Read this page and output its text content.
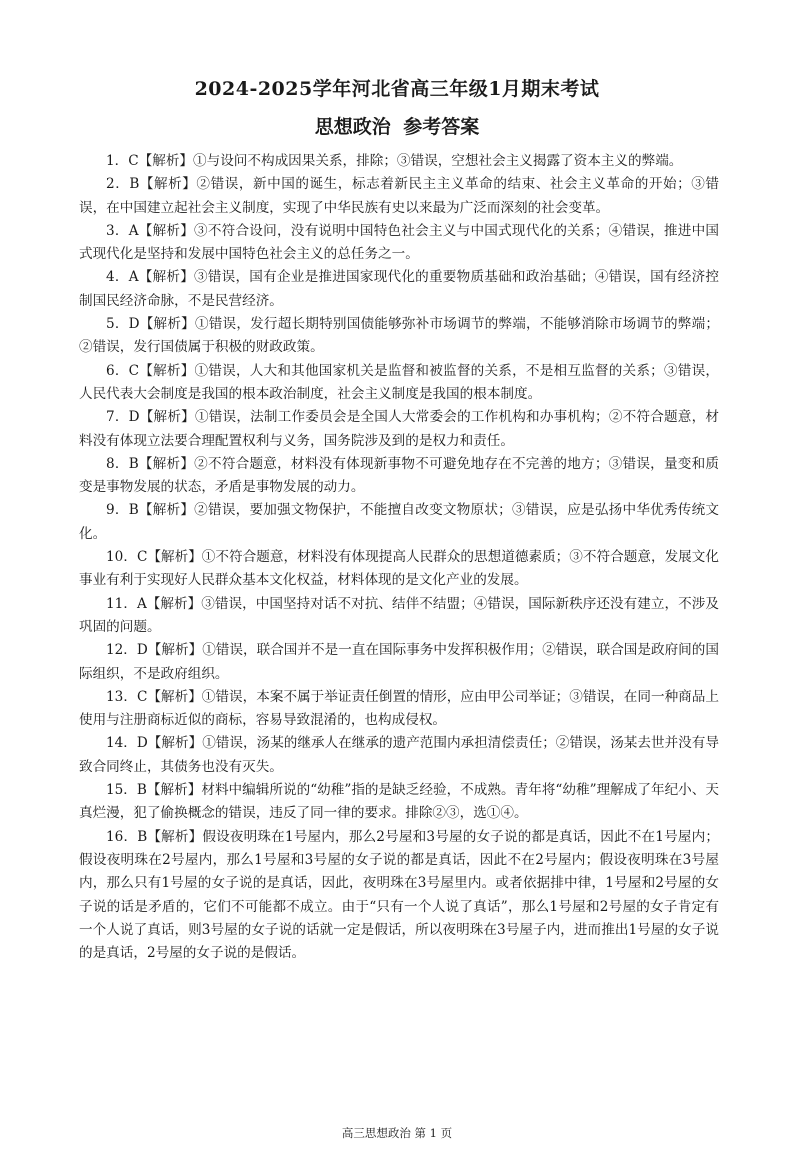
2024-2025学年河北省高三年级1月期末考试
思想政治 参考答案

1．C【解析】①与设问不构成因果关系，排除；③错误，空想社会主义揭露了资本主义的弊端。

2．B【解析】②错误，新中国的诞生，标志着新民主主义革命的结束、社会主义革命的开始；③错误，在中国建立起社会主义制度，实现了中华民族有史以来最为广泛而深刻的社会变革。

3．A【解析】③不符合设问，没有说明中国特色社会主义与中国式现代化的关系；④错误，推进中国式现代化是坚持和发展中国特色社会主义的总任务之一。

4．A【解析】③错误，国有企业是推进国家现代化的重要物质基础和政治基础；④错误，国有经济控制国民经济命脉，不是民营经济。

5．D【解析】①错误，发行超长期特别国债能够弥补市场调节的弊端，不能够消除市场调节的弊端；②错误，发行国债属于积极的财政政策。

6．C【解析】①错误，人大和其他国家机关是监督和被监督的关系，不是相互监督的关系；③错误，人民代表大会制度是我国的根本政治制度，社会主义制度是我国的根本制度。

7．D【解析】①错误，法制工作委员会是全国人大常委会的工作机构和办事机构；②不符合题意，材料没有体现立法要合理配置权利与义务，国务院涉及到的是权力和责任。

8．B【解析】②不符合题意，材料没有体现新事物不可避免地存在不完善的地方；③错误，量变和质变是事物发展的状态，矛盾是事物发展的动力。

9．B【解析】②错误，要加强文物保护，不能擅自改变文物原状；③错误，应是弘扬中华优秀传统文化。

10．C【解析】①不符合题意，材料没有体现提高人民群众的思想道德素质；③不符合题意，发展文化事业有利于实现好人民群众基本文化权益，材料体现的是文化产业的发展。

11．A【解析】③错误，中国坚持对话不对抗、结伴不结盟；④错误，国际新秩序还没有建立，不涉及巩固的问题。

12．D【解析】①错误，联合国并不是一直在国际事务中发挥积极作用；②错误，联合国是政府间的国际组织，不是政府组织。

13．C【解析】①错误，本案不属于举证责任倒置的情形，应由甲公司举证；③错误，在同一种商品上使用与注册商标近似的商标，容易导致混淆的，也构成侵权。

14．D【解析】①错误，汤某的继承人在继承的遗产范围内承担清偿责任；②错误，汤某去世并没有导致合同终止，其债务也没有灭失。

15．B【解析】材料中编辑所说的“幼稚”指的是缺乏经验，不成熟。青年将“幼稚”理解成了年纪小、天真烂漫，犯了偷换概念的错误，违反了同一律的要求。排除②③，选①④。

16．B【解析】假设夜明珠在1号屋内，那么2号屋和3号屋的女子说的都是真话，因此不在1号屋内；假设夜明珠在2号屋内，那么1号屋和3号屋的女子说的都是真话，因此不在2号屋内；假设夜明珠在3号屋内，那么只有1号屋的女子说的是真话，因此，夜明珠在3号屋里内。或者依据排中律，1号屋和2号屋的女子说的话是矛盾的，它们不可能都不成立。由于“只有一个人说了真话”，那么1号屋和2号屋的女子肯定有一个人说了真话，则3号屋的女子说的话就一定是假话，所以夜明珠在3号屋子内，进而推出1号屋的女子说的是真话，2号屋的女子说的是假话。

高三思想政治 第 1 页
